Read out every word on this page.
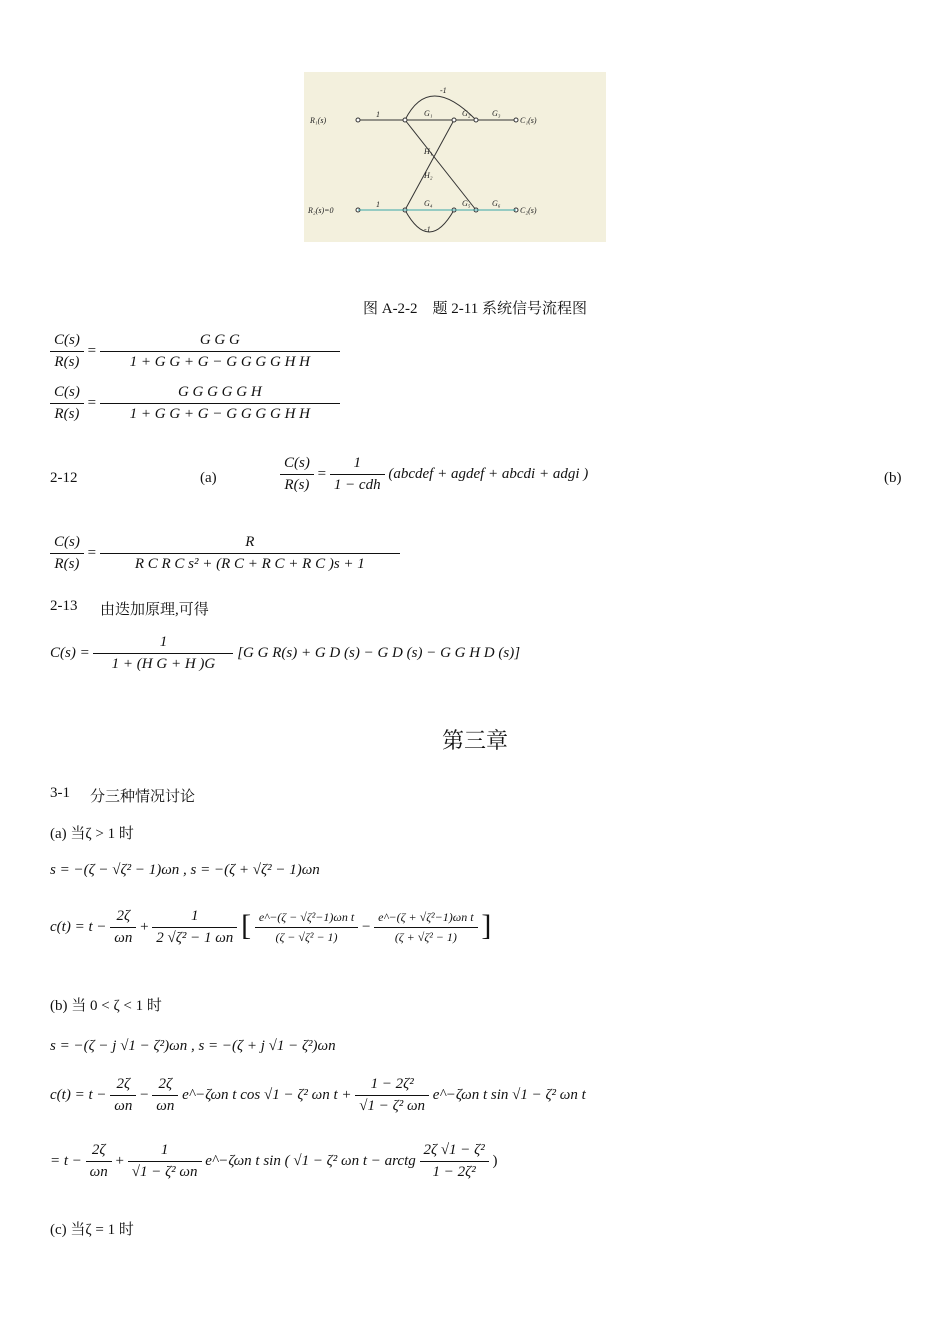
R₁(s)	C₁(s)
R₂(s)=0	C₂(s)
1	G₁	G₂	G₃
-1
H₁
H₂
1	G₄	G₅	G₆
-1
图 A-2-2　题 2-11 系统信号流程图
$\frac{C(s)}{R(s)} = \frac{\text{G G G}}{\text{1 + G G + G − G G G G H H}}$
$\frac{C(s)}{R(s)} = \frac{\text{G G G G G H}}{\text{1 + G G + G − G G G G H H}}$
2-12	(a)	$\frac{C(s)}{R(s)} = \frac{1}{\text{1 − cdh}}$ (abcdef + agdef + abcdi + adgi )	(b)
$\frac{C(s)}{R(s)} = \frac{R}{\text{R C R C s² + (R C + R C + R C )s + 1}}$
2-13 由迭加原理,可得
$C(s) = \frac{1}{\text{1 + (H G + H )G}} [G$ G R(s) + G D (s) − G D (s) − G G H D (s)]
第三章
3-1 分三种情况讨论
(a) 当ζ > 1 时
s = −(ζ − √ζ² − 1)ωn , s = −(ζ + √ζ² − 1)ωn
$c(t) = t - \frac{2\zeta}{\omega n} + \frac{1}{\text{2 √ζ² − 1 ωn}}$ [ $\frac{\text{e\textasciicircum{}−(ζ − √ζ²−1)ωn t}}{\text{(ζ − √ζ² − 1)}} - \frac{\text{e\textasciicircum{}−(ζ + √ζ²−1)ωn t}}{\text{(ζ + √ζ² − 1)}}$ ]
(b) 当 0 < ζ < 1 时
s = −(ζ − j √1 − ζ²)ωn , s = −(ζ + j √1 − ζ²)ωn
$c(t) = t - \frac{2\zeta}{\omega n} - \frac{2\zeta}{\omega n}$ e^−ζωn t cos √1 − ζ² ωn $t + \frac{\text{1 − 2ζ²}}{\text{√1 − ζ² ωn}}$ e^−ζωn t sin √1 − ζ² ωn t
= $t - \frac{2\zeta}{\omega n} + \frac{1}{\text{√1 − ζ² ωn}}$ e^−ζωn t sin ( √1 − ζ² ωn t − arctg $\frac{\text{2ζ √1 − ζ²}}{\text{1 − 2ζ²}}$ )
(c) 当ζ = 1 时
